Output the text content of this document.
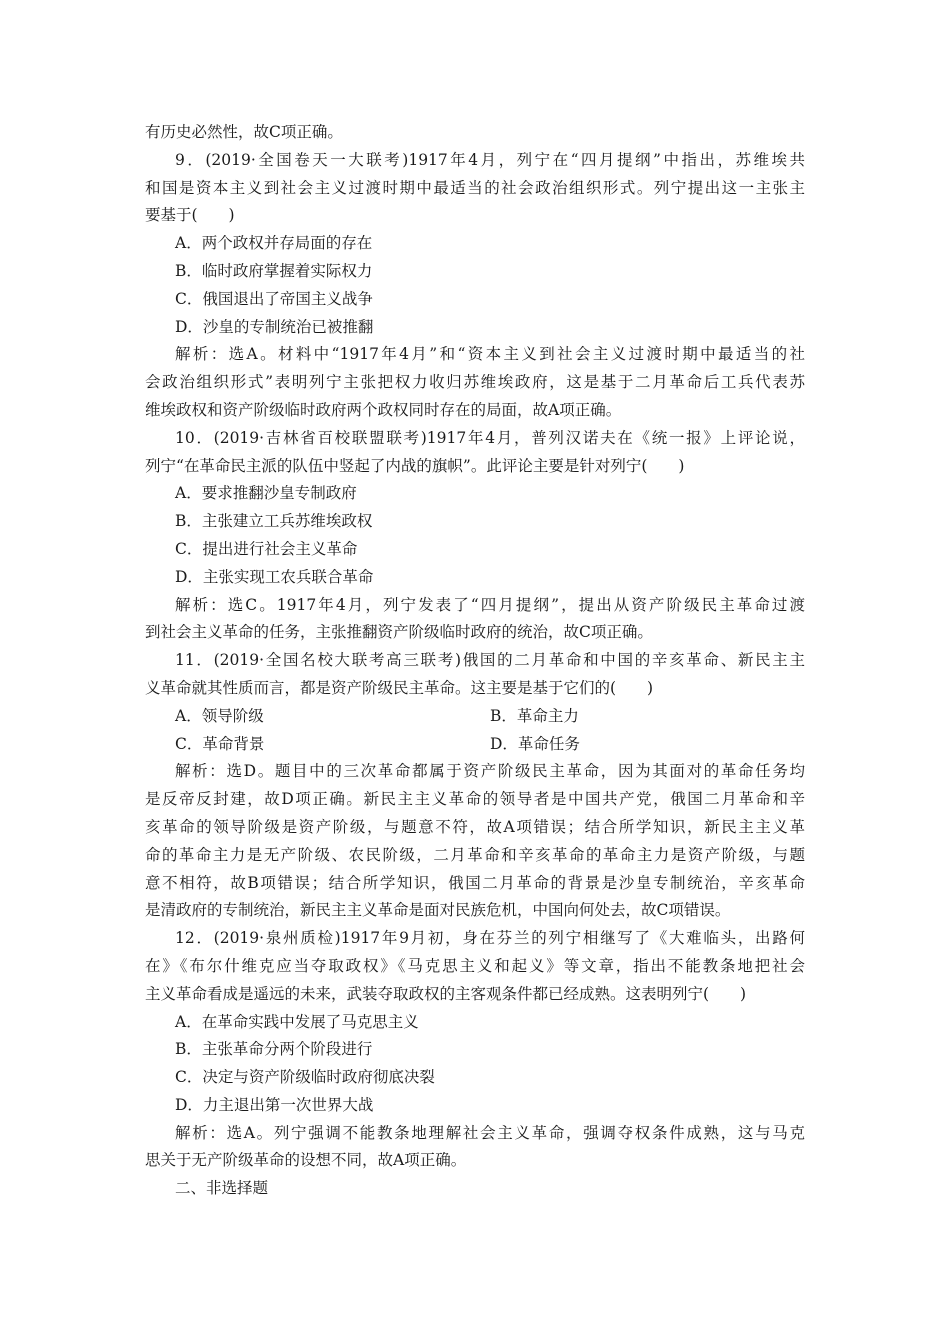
有历史必然性，故C项正确。
9．(2019·全国卷天一大联考)1917年4月，列宁在“四月提纲”中指出，苏维埃共
和国是资本主义到社会主义过渡时期中最适当的社会政治组织形式。列宁提出这一主张主
要基于(　　)
A．两个政权并存局面的存在
B．临时政府掌握着实际权力
C．俄国退出了帝国主义战争
D．沙皇的专制统治已被推翻
解析：选A。材料中“1917年4月”和“资本主义到社会主义过渡时期中最适当的社
会政治组织形式”表明列宁主张把权力收归苏维埃政府，这是基于二月革命后工兵代表苏
维埃政权和资产阶级临时政府两个政权同时存在的局面，故A项正确。
10．(2019·吉林省百校联盟联考)1917年4月，普列汉诺夫在《统一报》上评论说，
列宁“在革命民主派的队伍中竖起了内战的旗帜”。此评论主要是针对列宁(　　)
A．要求推翻沙皇专制政府
B．主张建立工兵苏维埃政权
C．提出进行社会主义革命
D．主张实现工农兵联合革命
解析：选C。1917年4月，列宁发表了“四月提纲”，提出从资产阶级民主革命过渡
到社会主义革命的任务，主张推翻资产阶级临时政府的统治，故C项正确。
11．(2019·全国名校大联考高三联考)俄国的二月革命和中国的辛亥革命、新民主主
义革命就其性质而言，都是资产阶级民主革命。这主要是基于它们的(　　)
A．领导阶级	B．革命主力
C．革命背景	D．革命任务
解析：选D。题目中的三次革命都属于资产阶级民主革命，因为其面对的革命任务均
是反帝反封建，故D项正确。新民主主义革命的领导者是中国共产党，俄国二月革命和辛
亥革命的领导阶级是资产阶级，与题意不符，故A项错误；结合所学知识，新民主主义革
命的革命主力是无产阶级、农民阶级，二月革命和辛亥革命的革命主力是资产阶级，与题
意不相符，故B项错误；结合所学知识，俄国二月革命的背景是沙皇专制统治，辛亥革命
是清政府的专制统治，新民主主义革命是面对民族危机，中国向何处去，故C项错误。
12．(2019·泉州质检)1917年9月初，身在芬兰的列宁相继写了《大难临头，出路何
在》《布尔什维克应当夺取政权》《马克思主义和起义》等文章，指出不能教条地把社会
主义革命看成是遥远的未来，武装夺取政权的主客观条件都已经成熟。这表明列宁(　　)
A．在革命实践中发展了马克思主义
B．主张革命分两个阶段进行
C．决定与资产阶级临时政府彻底决裂
D．力主退出第一次世界大战
解析：选A。列宁强调不能教条地理解社会主义革命，强调夺权条件成熟，这与马克
思关于无产阶级革命的设想不同，故A项正确。
二、非选择题
